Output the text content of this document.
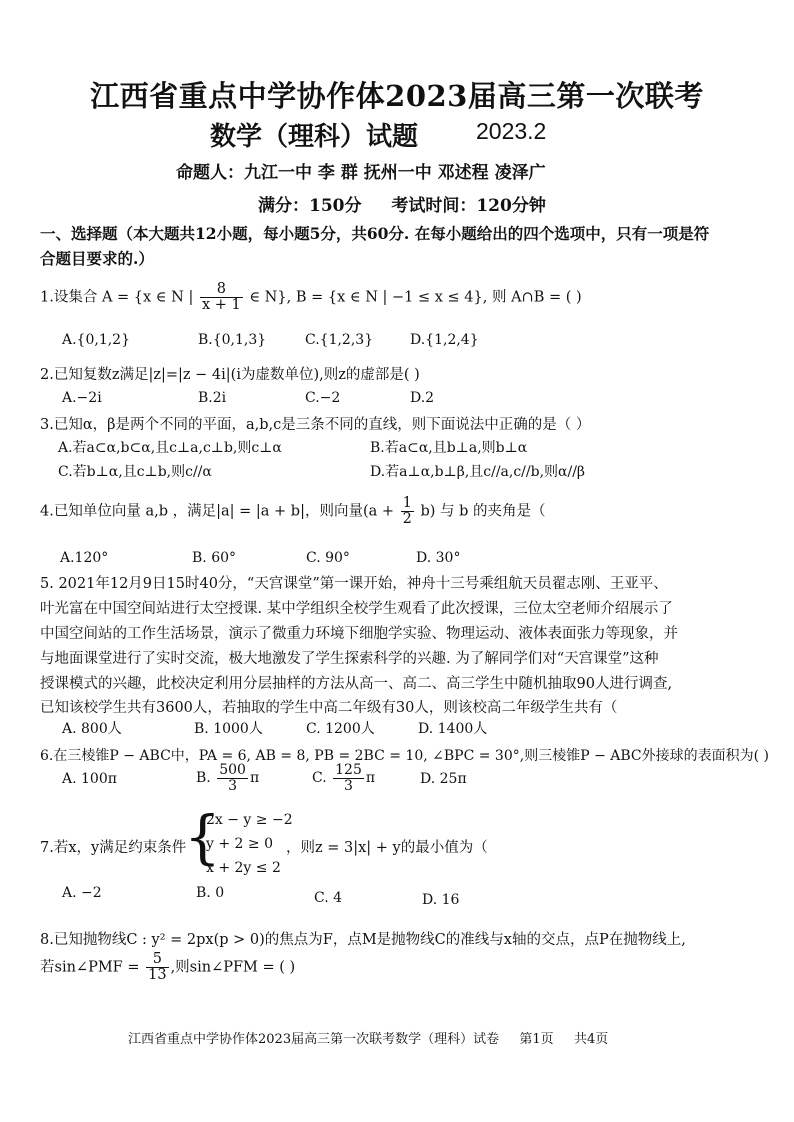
江西省重点中学协作体2023届高三第一次联考
数学（理科）试题	2023.2
命题人：九江一中 李 群 抚州一中 邓述程 凌泽广
满分：150分 考试时间：120分钟
一、选择题（本大题共12小题，每小题5分，共60分. 在每小题给出的四个选项中，只有一项是符
合题目要求的.）
1.设集合 A = {x ∈ N | $\frac{8}{x + 1}$ ∈ N}, B = {x ∈ N | −1 ≤ x ≤ 4}, 则 A∩B = ( )
A.{0,1,2}	B.{0,1,3}	C.{1,2,3}	D.{1,2,4}
2.已知复数z满足|z|=|z − 4i|(i为虚数单位),则z的虚部是( )
A.−2i	B.2i	C.−2	D.2
3.已知α，β是两个不同的平面，a,b,c是三条不同的直线，则下面说法中正确的是（ ）
A.若a⊂α,b⊂α,且c⊥a,c⊥b,则c⊥α	B.若a⊂α,且b⊥a,则b⊥α
C.若b⊥α,且c⊥b,则c//α	D.若a⊥α,b⊥β,且c//a,c//b,则α//β
4.已知单位向量 a,b ，满足|a| = |a + b|，则向量$(a + \frac{1}{2} b)$ 与 b 的夹角是（
A.120°	B. 60°	C. 90°	D. 30°
5. 2021年12月9日15时40分，“天宫课堂”第一课开始，神舟十三号乘组航天员翟志刚、王亚平、
叶光富在中国空间站进行太空授课. 某中学组织全校学生观看了此次授课，三位太空老师介绍展示了
中国空间站的工作生活场景，演示了微重力环境下细胞学实验、物理运动、液体表面张力等现象，并
与地面课堂进行了实时交流，极大地激发了学生探索科学的兴趣. 为了解同学们对“天宫课堂”这种
授课模式的兴趣，此校决定利用分层抽样的方法从高一、高二、高三学生中随机抽取90人进行调查,
已知该校学生共有3600人，若抽取的学生中高二年级有30人，则该校高二年级学生共有（
A. 800人	B. 1000人	C. 1200人	D. 1400人
6.在三棱锥P − ABC中，PA = 6, AB = 8, PB = 2BC = 10, ∠BPC = 30°,则三棱锥P − ABC外接球的表面积为( )
A. 100π	B. $\frac{500}{3}$ π	C. $\frac{125}{3}$ π	D. 25π
7.若x，y满足约束条件
{
2x − y ≥ −2
y + 2 ≥ 0
x + 2y ≤ 2
，则z = 3|x| + y的最小值为（
A. −2	B. 0	C. 4	D. 16
8.已知抛物线C : y² = 2px(p > 0)的焦点为F，点M是抛物线C的准线与x轴的交点，点P在抛物线上,
若sin∠PMF = $\frac{5}{13}$ ,则sin∠PFM = ( )
江西省重点中学协作体2023届高三第一次联考数学（理科）试卷 第1页 共4页
